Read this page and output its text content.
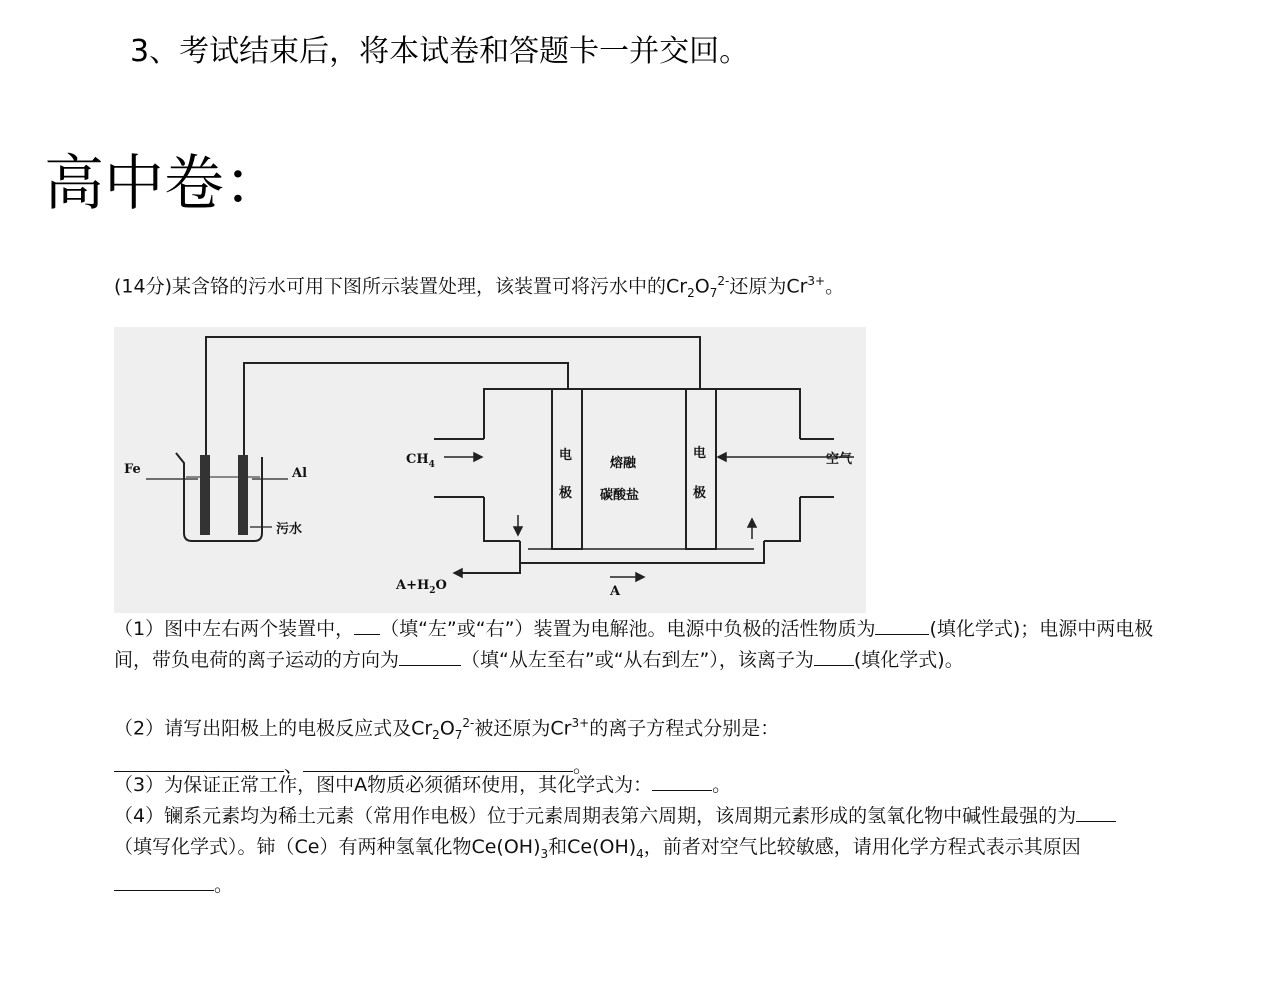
3、考试结束后，将本试卷和答题卡一并交回。
高中卷：
(14分)某含铬的污水可用下图所示装置处理，该装置可将污水中的$Cr_2O_7^{2-}$还原为$Cr^{3+}$。
Fe	Al
污水
$CH_4$
电
极
熔融
碳酸盐
电
极
空气
$A+H_2O$	A
（1）图中左右两个装置中， （填“左”或“右”）装置为电解池。电源中负极的活性物质为	(填化学式)；电源中两电极间，带负电荷的离子运动的方向为	（填“从左至右”或“从右到左”），该离子为 (填化学式)。
（2）请写出阳极上的电极反应式及$Cr_2O_7^{2-}$被还原为$Cr^{3+}$的离子方程式分别是：
、	。
（3）为保证正常工作，图中A物质必须循环使用，其化学式为：	。
（4）镧系元素均为稀土元素（常用作电极）位于元素周期表第六周期，该周期元素形成的氢氧化物中碱性最强的为（填写化学式）。铈（Ce）有两种氢氧化物$Ce(OH)_3$和$Ce(OH)_4$，前者对空气比较敏感，请用化学方程式表示其原因。
